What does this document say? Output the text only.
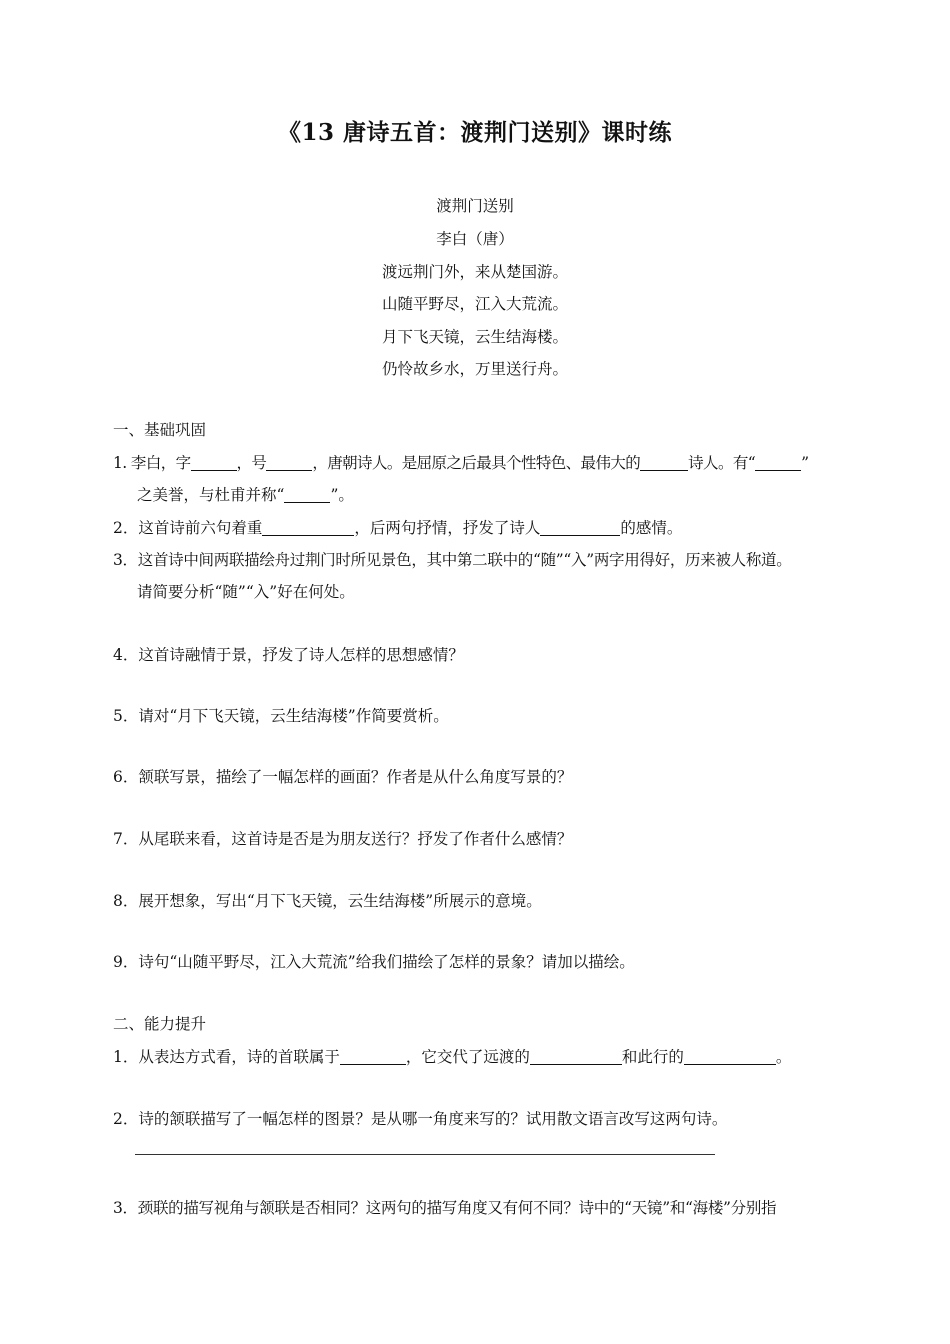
《13 唐诗五首：渡荆门送别》课时练
渡荆门送别
李白（唐）
渡远荆门外，来从楚国游。
山随平野尽，江入大荒流。
月下飞天镜，云生结海楼。
仍怜故乡水，万里送行舟。
一、基础巩固
1. 李白，字	，号	，唐朝诗人。是屈原之后最具个性特色、最伟大的	诗人。有“	”
之美誉，与杜甫并称“	”。
2．这首诗前六句着重	，后两句抒情，抒发了诗人	的感情。
3．这首诗中间两联描绘舟过荆门时所见景色，其中第二联中的“随”“入”两字用得好，历来被人称道。
请简要分析“随”“入”好在何处。
4．这首诗融情于景，抒发了诗人怎样的思想感情？
5．请对“月下飞天镜，云生结海楼”作简要赏析。
6．颔联写景，描绘了一幅怎样的画面？作者是从什么角度写景的？
7．从尾联来看，这首诗是否是为朋友送行？抒发了作者什么感情？
8．展开想象，写出“月下飞天镜，云生结海楼”所展示的意境。
9．诗句“山随平野尽，江入大荒流”给我们描绘了怎样的景象？请加以描绘。
二、能力提升
1．从表达方式看，诗的首联属于	，它交代了远渡的	和此行的	。
2．诗的颔联描写了一幅怎样的图景？是从哪一角度来写的？试用散文语言改写这两句诗。
3．颈联的描写视角与颔联是否相同？这两句的描写角度又有何不同？诗中的“天镜”和“海楼”分别指
